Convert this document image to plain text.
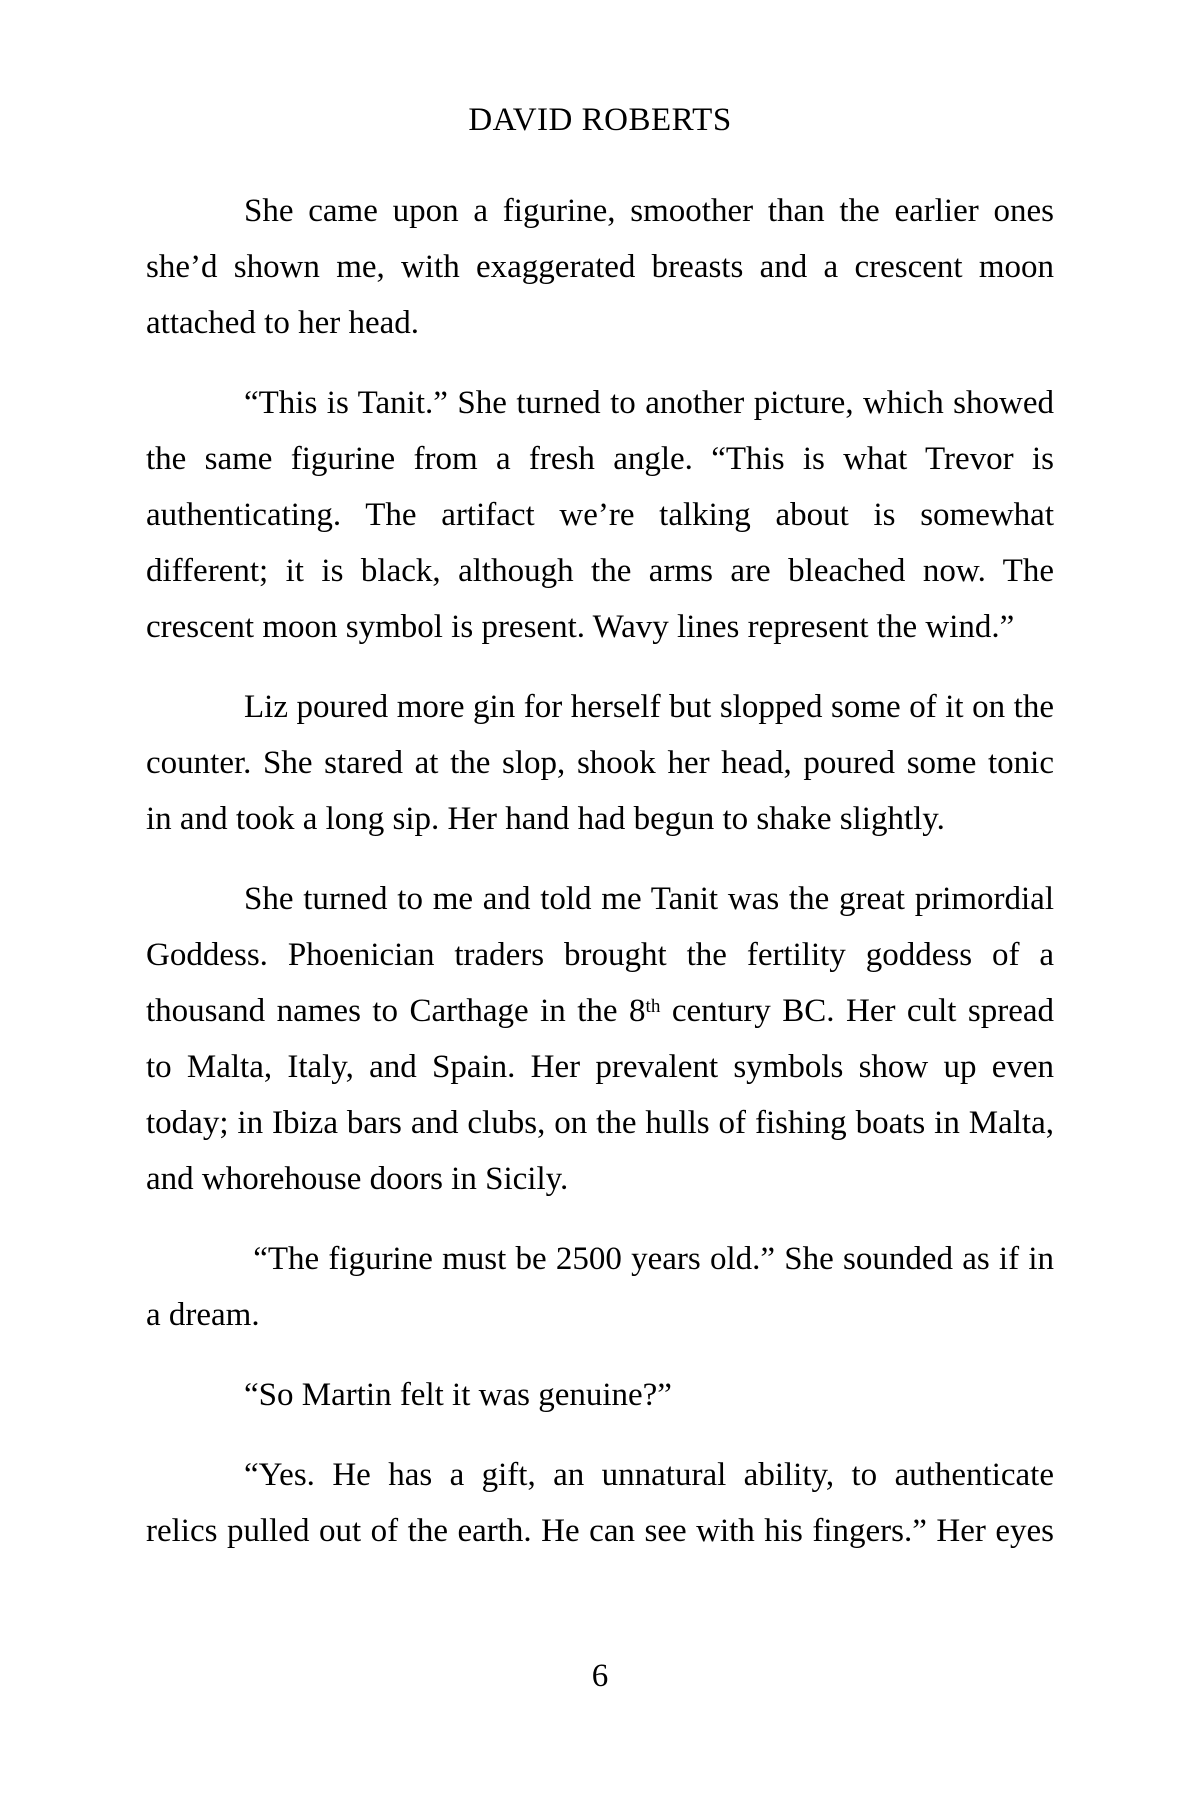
DAVID ROBERTS
She came upon a figurine, smoother than the earlier ones
she’d shown me, with exaggerated breasts and a crescent moon
attached to her head.
“This is Tanit.” She turned to another picture, which showed
the same figurine from a fresh angle. “This is what Trevor is
authenticating. The artifact we’re talking about is somewhat
different; it is black, although the arms are bleached now. The
crescent moon symbol is present. Wavy lines represent the wind.”
Liz poured more gin for herself but slopped some of it on the
counter. She stared at the slop, shook her head, poured some tonic
in and took a long sip. Her hand had begun to shake slightly.
She turned to me and told me Tanit was the great primordial
Goddess. Phoenician traders brought the fertility goddess of a
thousand names to Carthage in the 8th century BC. Her cult spread
to Malta, Italy, and Spain. Her prevalent symbols show up even
today; in Ibiza bars and clubs, on the hulls of fishing boats in Malta,
and whorehouse doors in Sicily.
“The figurine must be 2500 years old.” She sounded as if in
a dream.
“So Martin felt it was genuine?”
“Yes. He has a gift, an unnatural ability, to authenticate
relics pulled out of the earth. He can see with his fingers.” Her eyes
6
